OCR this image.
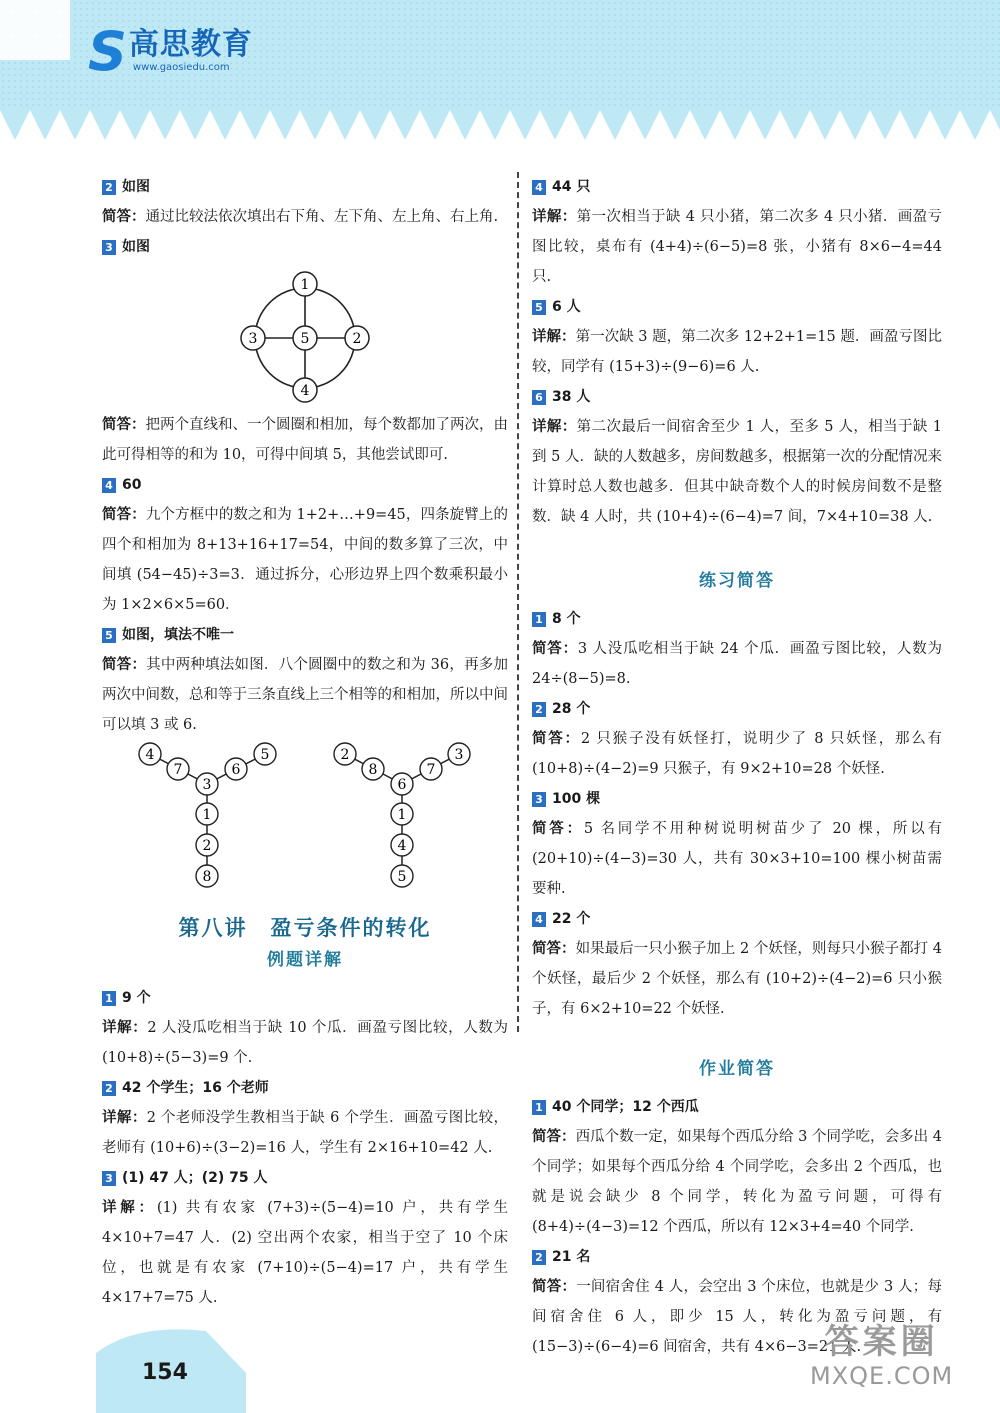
S 高思教育
www.gaosiedu.com
2 如图
简答：通过比较法依次填出右下角、左下角、左上角、右上角.
3 如图
1
3	5	2
4
简答：把两个直线和、一个圆圈和相加，每个数都加了两次，由此可得相等的和为 10，可得中间填 5，其他尝试即可.
4 60
简答：九个方框中的数之和为 1+2+…+9=45，四条旋臂上的四个和相加为 8+13+16+17=54，中间的数多算了三次，中间填 (54−45)÷3=3．通过拆分，心形边界上四个数乘积最小为 1×2×6×5=60．
5 如图，填法不唯一
简答：其中两种填法如图．八个圆圈中的数之和为 36，再多加两次中间数，总和等于三条直线上三个相等的和相加，所以中间可以填 3 或 6.
4
7
3
6
5
1
2
8
2
8
6
7
3
1
4
5
第八讲　盈亏条件的转化
例题详解
1 9 个
详解：2 人没瓜吃相当于缺 10 个瓜．画盈亏图比较，人数为 (10+8)÷(5−3)=9 个.
2 42 个学生；16 个老师
详解：2 个老师没学生教相当于缺 6 个学生．画盈亏图比较，老师有 (10+6)÷(3−2)=16 人，学生有 2×16+10=42 人.
3 (1) 47 人；(2) 75 人
详解：(1) 共有农家 (7+3)÷(5−4)=10 户，共有学生 4×10+7=47 人．(2) 空出两个农家，相当于空了 10 个床位，也就是有农家 (7+10)÷(5−4)=17 户，共有学生 4×17+7=75 人.
4 44 只
详解：第一次相当于缺 4 只小猪，第二次多 4 只小猪．画盈亏图比较，桌布有 (4+4)÷(6−5)=8 张，小猪有 8×6−4=44 只.
5 6 人
详解：第一次缺 3 题，第二次多 12+2+1=15 题．画盈亏图比较，同学有 (15+3)÷(9−6)=6 人.
6 38 人
详解：第二次最后一间宿舍至少 1 人，至多 5 人，相当于缺 1 到 5 人．缺的人数越多，房间数越多，根据第一次的分配情况来计算时总人数也越多．但其中缺奇数个人的时候房间数不是整数．缺 4 人时，共 (10+4)÷(6−4)=7 间，7×4+10=38 人.
练习简答
1 8 个
简答：3 人没瓜吃相当于缺 24 个瓜．画盈亏图比较，人数为 24÷(8−5)=8.
2 28 个
简答：2 只猴子没有妖怪打，说明少了 8 只妖怪，那么有 (10+8)÷(4−2)=9 只猴子，有 9×2+10=28 个妖怪.
3 100 棵
简答：5 名同学不用种树说明树苗少了 20 棵，所以有 (20+10)÷(4−3)=30 人，共有 30×3+10=100 棵小树苗需要种.
4 22 个
简答：如果最后一只小猴子加上 2 个妖怪，则每只小猴子都打 4 个妖怪，最后少 2 个妖怪，那么有 (10+2)÷(4−2)=6 只小猴子，有 6×2+10=22 个妖怪.
作业简答
1 40 个同学；12 个西瓜
简答：西瓜个数一定，如果每个西瓜分给 3 个同学吃，会多出 4 个同学；如果每个西瓜分给 4 个同学吃，会多出 2 个西瓜，也就是说会缺少 8 个同学，转化为盈亏问题，可得有 (8+4)÷(4−3)=12 个西瓜，所以有 12×3+4=40 个同学.
2 21 名
简答：一间宿舍住 4 人，会空出 3 个床位，也就是少 3 人；每间宿舍住 6 人，即少 15 人，转化为盈亏问题，有 (15−3)÷(6−4)=6 间宿舍，共有 4×6−3=21 人.
154
答案圈
MXQE.COM
